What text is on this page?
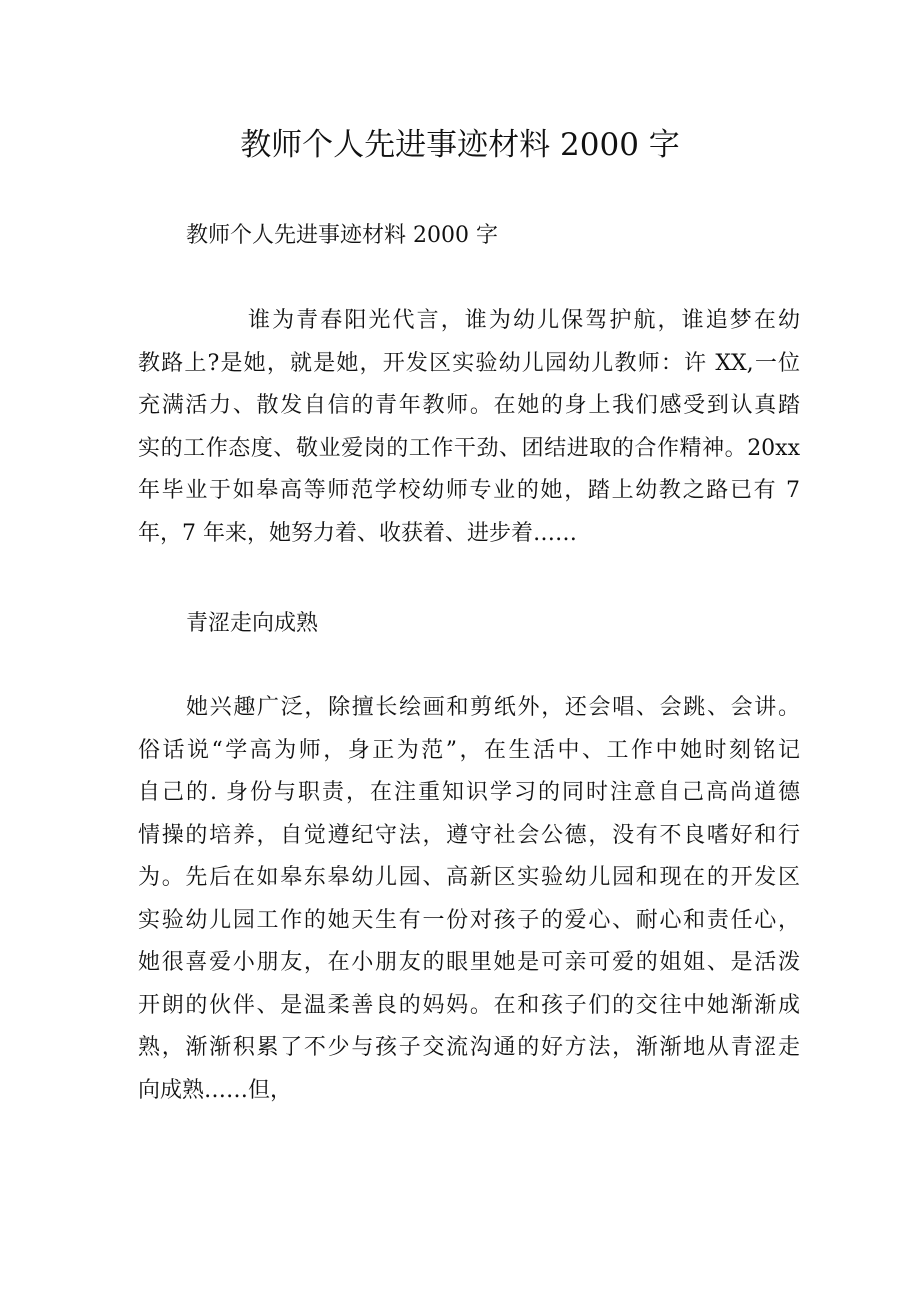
教师个人先进事迹材料 2000 字

教师个人先进事迹材料 2000 字

谁为青春阳光代言，谁为幼儿保驾护航，谁追梦在幼
教路上?是她，就是她，开发区实验幼儿园幼儿教师：许 XX,一位
充满活力、散发自信的青年教师。在她的身上我们感受到认真踏
实的工作态度、敬业爱岗的工作干劲、团结进取的合作精神。20xx
年毕业于如皋高等师范学校幼师专业的她，踏上幼教之路已有 7
年，7 年来，她努力着、收获着、进步着……

青涩走向成熟

她兴趣广泛，除擅长绘画和剪纸外，还会唱、会跳、会讲。
俗话说“学高为师，身正为范”，在生活中、工作中她时刻铭记
自己的. 身份与职责，在注重知识学习的同时注意自己高尚道德
情操的培养，自觉遵纪守法，遵守社会公德，没有不良嗜好和行
为。先后在如皋东皋幼儿园、高新区实验幼儿园和现在的开发区
实验幼儿园工作的她天生有一份对孩子的爱心、耐心和责任心，
她很喜爱小朋友，在小朋友的眼里她是可亲可爱的姐姐、是活泼
开朗的伙伴、是温柔善良的妈妈。在和孩子们的交往中她渐渐成
熟，渐渐积累了不少与孩子交流沟通的好方法，渐渐地从青涩走
向成熟……但，
